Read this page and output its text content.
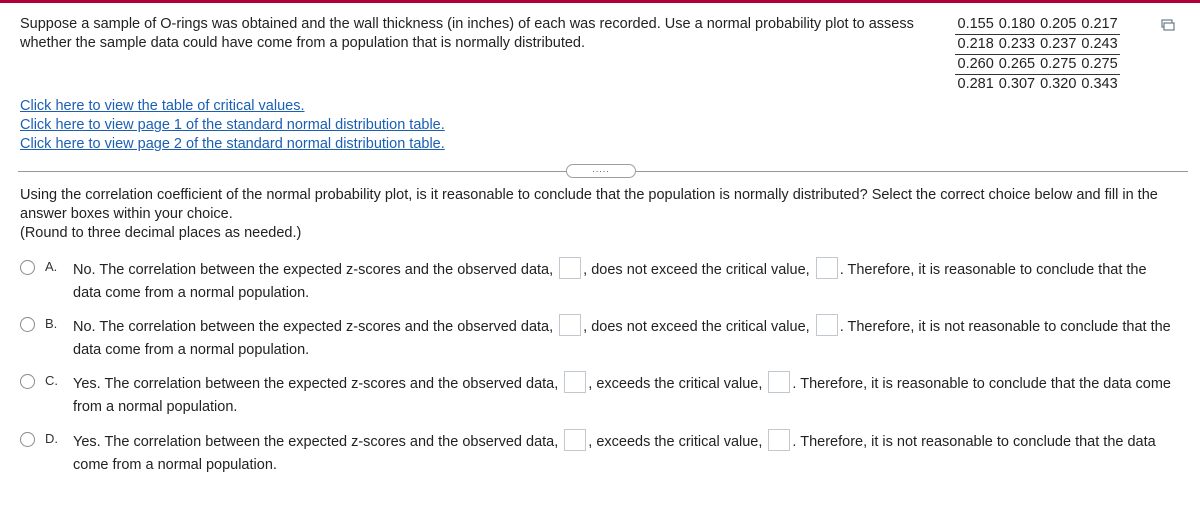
Suppose a sample of O-rings was obtained and the wall thickness (in inches) of each was recorded. Use a normal probability plot to assess whether the sample data could have come from a population that is normally distributed.
0.155	0.180	0.205	0.217
0.218	0.233	0.237	0.243
0.260	0.265	0.275	0.275
0.281	0.307	0.320	0.343
Click here to view the table of critical values.
Click here to view page 1 of the standard normal distribution table.
Click here to view page 2 of the standard normal distribution table.
.....
Using the correlation coefficient of the normal probability plot, is it reasonable to conclude that the population is normally distributed? Select the correct choice below and fill in the answer boxes within your choice.
(Round to three decimal places as needed.)
A. No. The correlation between the expected z-scores and the observed data, , does not exceed the critical value, . Therefore, it is reasonable to conclude that the data come from a normal population.
B. No. The correlation between the expected z-scores and the observed data, , does not exceed the critical value, . Therefore, it is not reasonable to conclude that the data come from a normal population.
C. Yes. The correlation between the expected z-scores and the observed data, , exceeds the critical value, . Therefore, it is reasonable to conclude that the data come from a normal population.
D. Yes. The correlation between the expected z-scores and the observed data, , exceeds the critical value, . Therefore, it is not reasonable to conclude that the data come from a normal population.
